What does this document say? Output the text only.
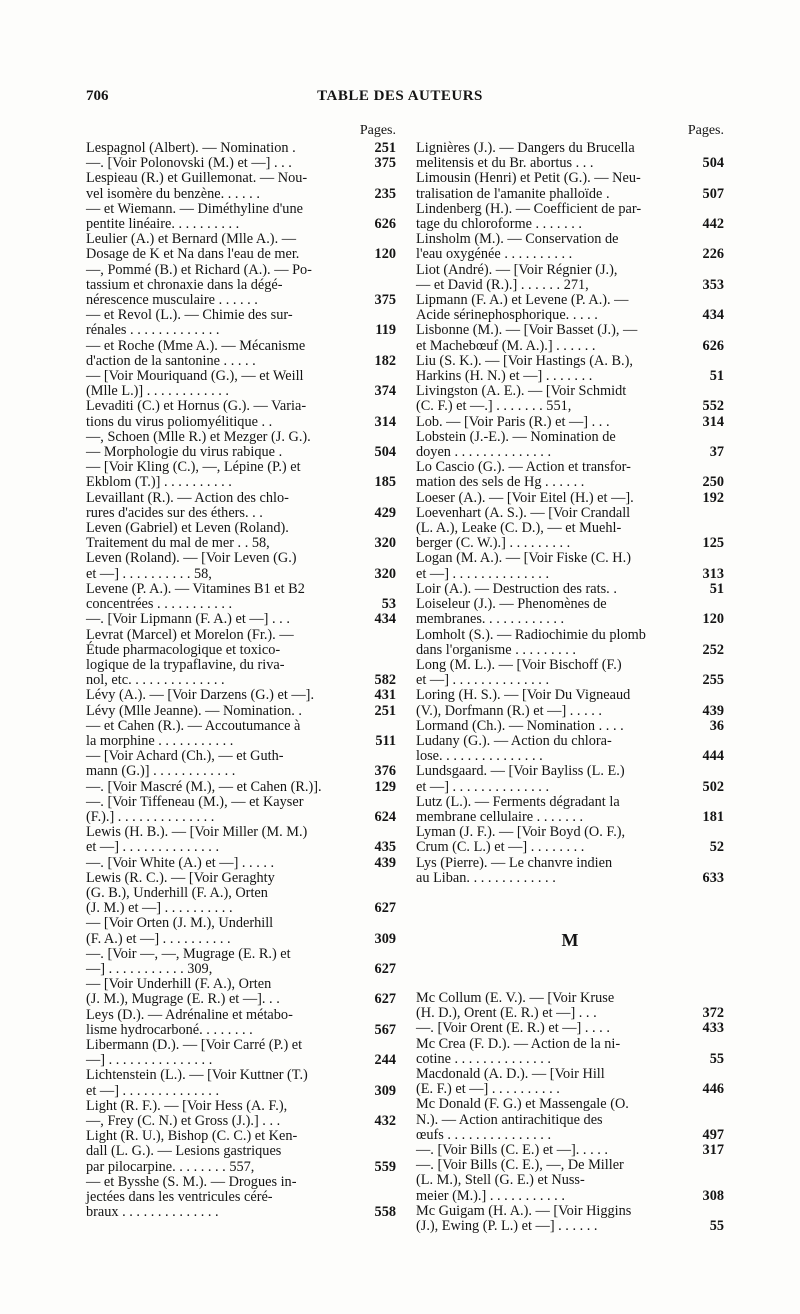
706	TABLE DES AUTEURS
Pages.
Lespagnol (Albert). — Nomination .	251
—. [Voir Polonovski (M.) et —] . . .	375
Lespieau (R.) et Guillemonat. — Nou-
vel isomère du benzène. . . . . .	235
— et Wiemann. — Diméthyline d'une
pentite linéaire. . . . . . . . . .	626
Leulier (A.) et Bernard (Mlle A.). —
Dosage de K et Na dans l'eau de mer.	120
—, Pommé (B.) et Richard (A.). — Po-
tassium et chronaxie dans la dégé-
nérescence musculaire . . . . . .	375
— et Revol (L.). — Chimie des sur-
rénales . . . . . . . . . . . . .	119
— et Roche (Mme A.). — Mécanisme
d'action de la santonine . . . . .	182
— [Voir Mouriquand (G.), — et Weill
(Mlle L.)] . . . . . . . . . . . .	374
Levaditi (C.) et Hornus (G.). — Varia-
tions du virus poliomyélitique . .	314
—, Schoen (Mlle R.) et Mezger (J. G.).
— Morphologie du virus rabique .	504
— [Voir Kling (C.), —, Lépine (P.) et
Ekblom (T.)] . . . . . . . . . .	185
Levaillant (R.). — Action des chlo-
rures d'acides sur des éthers. . .	429
Leven (Gabriel) et Leven (Roland).
Traitement du mal de mer . . 58,	320
Leven (Roland). — [Voir Leven (G.)
et —] . . . . . . . . . . 58,	320
Levene (P. A.). — Vitamines B1 et B2
concentrées . . . . . . . . . . .	53
—. [Voir Lipmann (F. A.) et —] . . .	434
Levrat (Marcel) et Morelon (Fr.). —
Étude pharmacologique et toxico-
logique de la trypaflavine, du riva-
nol, etc. . . . . . . . . . . . . .	582
Lévy (A.). — [Voir Darzens (G.) et —].	431
Lévy (Mlle Jeanne). — Nomination. .	251
— et Cahen (R.). — Accoutumance à
la morphine . . . . . . . . . . .	511
— [Voir Achard (Ch.), — et Guth-
mann (G.)] . . . . . . . . . . . .	376
—. [Voir Mascré (M.), — et Cahen (R.)].	129
—. [Voir Tiffeneau (M.), — et Kayser
(F.).] . . . . . . . . . . . . . .	624
Lewis (H. B.). — [Voir Miller (M. M.)
et —] . . . . . . . . . . . . . .	435
—. [Voir White (A.) et —] . . . . .	439
Lewis (R. C.). — [Voir Geraghty
(G. B.), Underhill (F. A.), Orten
(J. M.) et —] . . . . . . . . . .	627
— [Voir Orten (J. M.), Underhill
(F. A.) et —] . . . . . . . . . .	309
—. [Voir —, —, Mugrage (E. R.) et
—] . . . . . . . . . . . 309,	627
— [Voir Underhill (F. A.), Orten
(J. M.), Mugrage (E. R.) et —]. . .	627
Leys (D.). — Adrénaline et métabo-
lisme hydrocarboné. . . . . . . .	567
Libermann (D.). — [Voir Carré (P.) et
—] . . . . . . . . . . . . . . .	244
Lichtenstein (L.). — [Voir Kuttner (T.)
et —] . . . . . . . . . . . . . .	309
Light (R. F.). — [Voir Hess (A. F.),
—, Frey (C. N.) et Gross (J.).] . . .	432
Light (R. U.), Bishop (C. C.) et Ken-
dall (L. G.). — Lesions gastriques
par pilocarpine. . . . . . . . 557,	559
— et Bysshe (S. M.). — Drogues in-
jectées dans les ventricules céré-
braux . . . . . . . . . . . . . .	558
Pages.
Lignières (J.). — Dangers du Brucella
melitensis et du Br. abortus . . .	504
Limousin (Henri) et Petit (G.). — Neu-
tralisation de l'amanite phalloïde .	507
Lindenberg (H.). — Coefficient de par-
tage du chloroforme . . . . . . .	442
Linsholm (M.). — Conservation de
l'eau oxygénée . . . . . . . . . .	226
Liot (André). — [Voir Régnier (J.),
— et David (R.).] . . . . . . 271,	353
Lipmann (F. A.) et Levene (P. A.). —
Acide sérinephosphorique. . . . .	434
Lisbonne (M.). — [Voir Basset (J.), —
et Machebœuf (M. A.).] . . . . . .	626
Liu (S. K.). — [Voir Hastings (A. B.),
Harkins (H. N.) et —] . . . . . . .	51
Livingston (A. E.). — [Voir Schmidt
(C. F.) et —.] . . . . . . . 551,	552
Lob. — [Voir Paris (R.) et —] . . .	314
Lobstein (J.-E.). — Nomination de
doyen . . . . . . . . . . . . . .	37
Lo Cascio (G.). — Action et transfor-
mation des sels de Hg . . . . . .	250
Loeser (A.). — [Voir Eitel (H.) et —].	192
Loevenhart (A. S.). — [Voir Crandall
(L. A.), Leake (C. D.), — et Muehl-
berger (C. W.).] . . . . . . . . .	125
Logan (M. A.). — [Voir Fiske (C. H.)
et —] . . . . . . . . . . . . . .	313
Loir (A.). — Destruction des rats. .	51
Loiseleur (J.). — Phenomènes de
membranes. . . . . . . . . . . .	120
Lomholt (S.). — Radiochimie du plomb
dans l'organisme . . . . . . . . .	252
Long (M. L.). — [Voir Bischoff (F.)
et —] . . . . . . . . . . . . . .	255
Loring (H. S.). — [Voir Du Vigneaud
(V.), Dorfmann (R.) et —] . . . . .	439
Lormand (Ch.). — Nomination . . . .	36
Ludany (G.). — Action du chlora-
lose. . . . . . . . . . . . . . .	444
Lundsgaard. — [Voir Bayliss (L. E.)
et —] . . . . . . . . . . . . . .	502
Lutz (L.). — Ferments dégradant la
membrane cellulaire . . . . . . .	181
Lyman (J. F.). — [Voir Boyd (O. F.),
Crum (C. L.) et —] . . . . . . . .	52
Lys (Pierre). — Le chanvre indien
au Liban. . . . . . . . . . . . .	633
M
Mc Collum (E. V.). — [Voir Kruse
(H. D.), Orent (E. R.) et —] . . .	372
—. [Voir Orent (E. R.) et —] . . . .	433
Mc Crea (F. D.). — Action de la ni-
cotine . . . . . . . . . . . . . .	55
Macdonald (A. D.). — [Voir Hill
(E. F.) et —] . . . . . . . . . .	446
Mc Donald (F. G.) et Massengale (O.
N.). — Action antirachitique des
œufs . . . . . . . . . . . . . . .	497
—. [Voir Bills (C. E.) et —]. . . . .	317
—. [Voir Bills (C. E.), —, De Miller
(L. M.), Stell (G. E.) et Nuss-
meier (M.).] . . . . . . . . . . .	308
Mc Guigam (H. A.). — [Voir Higgins
(J.), Ewing (P. L.) et —] . . . . . .	55
